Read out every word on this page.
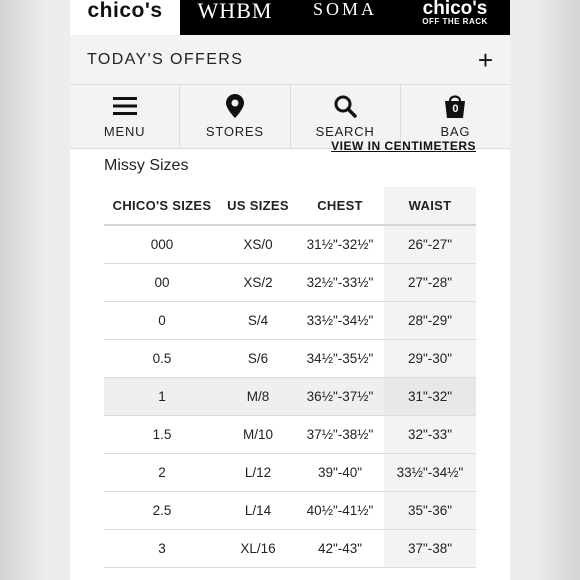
chico's WHBM SOMA chico's
OFF THE RACK
TODAY'S OFFERS	+
MENU	STORES	SEARCH
0
BAG
VIEW IN CENTIMETERS
Missy Sizes
CHICO'S SIZES	US SIZES	CHEST	WAIST
000	XS/0	31½"-32½"	26"-27"
00	XS/2	32½"-33½"	27"-28"
0	S/4	33½"-34½"	28"-29"
0.5	S/6	34½"-35½"	29"-30"
1	M/8	36½"-37½"	31"-32"
1.5	M/10	37½"-38½"	32"-33"
2	L/12	39"-40"	33½"-34½"
2.5	L/14	40½"-41½"	35"-36"
3	XL/16	42"-43"	37"-38"
